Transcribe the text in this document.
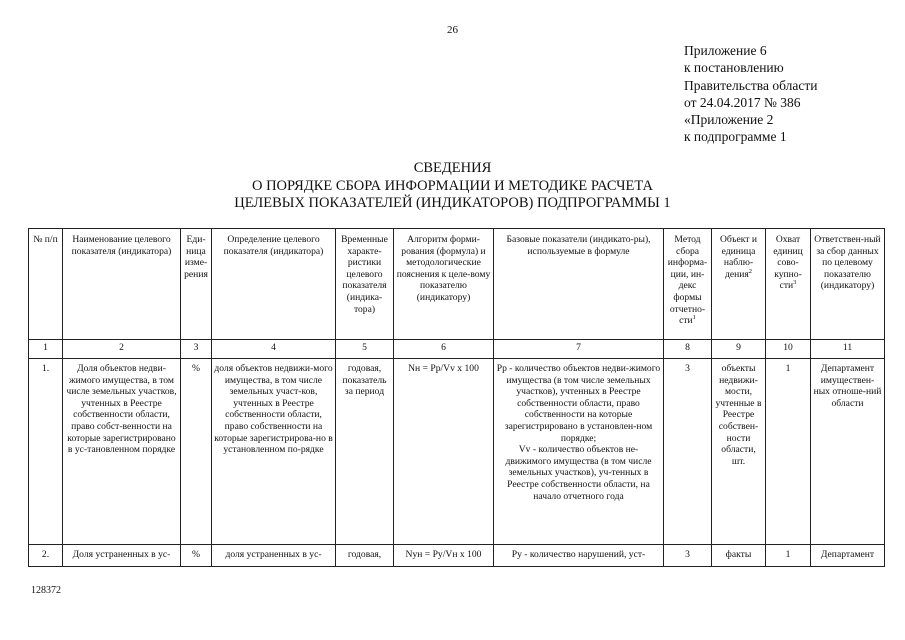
26
Приложение 6
к постановлению
Правительства области
от 24.04.2017 № 386
«Приложение 2
к подпрограмме 1
СВЕДЕНИЯ
О ПОРЯДКЕ СБОРА ИНФОРМАЦИИ И МЕТОДИКЕ РАСЧЕТА
ЦЕЛЕВЫХ ПОКАЗАТЕЛЕЙ (ИНДИКАТОРОВ) ПОДПРОГРАММЫ 1
№ п/п	Наименование целевого показателя (индикатора)	Еди-ница изме-рения	Определение целевого показателя (индикатора)	Временные характе-ристики целевого показателя (индика-тора)	Алгоритм форми-рования (формула) и методологические пояснения к целе-вому показателю (индикатору)	Базовые показатели (индикато-ры), используемые в формуле	Метод сбора информа-ции, ин-декс формы отчетно-сти$^1$	Объект и единица наблю-дения$^2$	Охват единиц сово-купно-сти$^3$	Ответствен-ный за сбор данных по целевому показателю (индикатору)
1	2	3	4	5	6	7	8	9	10	11
1.	Доля объектов недви-жимого имущества, в том числе земельных участков, учтенных в Реестре собственности области, право собст-венности на которые зарегистрировано в ус-тановленном порядке	%	доля объектов недвижи-мого имущества, в том числе земельных участ-ков, учтенных в Реестре собственности области, право собственности на которые зарегистрирова-но в установленном по-рядке	годовая, показатель за период	Nн = Рр/Vv x 100	Рр - количество объектов недви-жимого имущества (в том числе земельных участков), учтенных в Реестре собственности области, право собственности на которые зарегистрировано в установлен-ном порядке;
Vv - количество объектов не-движимого имущества (в том числе земельных участков), уч-тенных в Реестре собственности области, на начало отчетного года	3	объекты недвижи-мости, учтенные в Реестре собствен-ности области, шт.	1	Департамент имуществен-ных отноше-ний области
2.	Доля устраненных в ус-	%	доля устраненных в ус-	годовая,	Nун = Ру/Vн x 100	Ру - количество нарушений, уст-	3	факты	1	Департамент
128372
